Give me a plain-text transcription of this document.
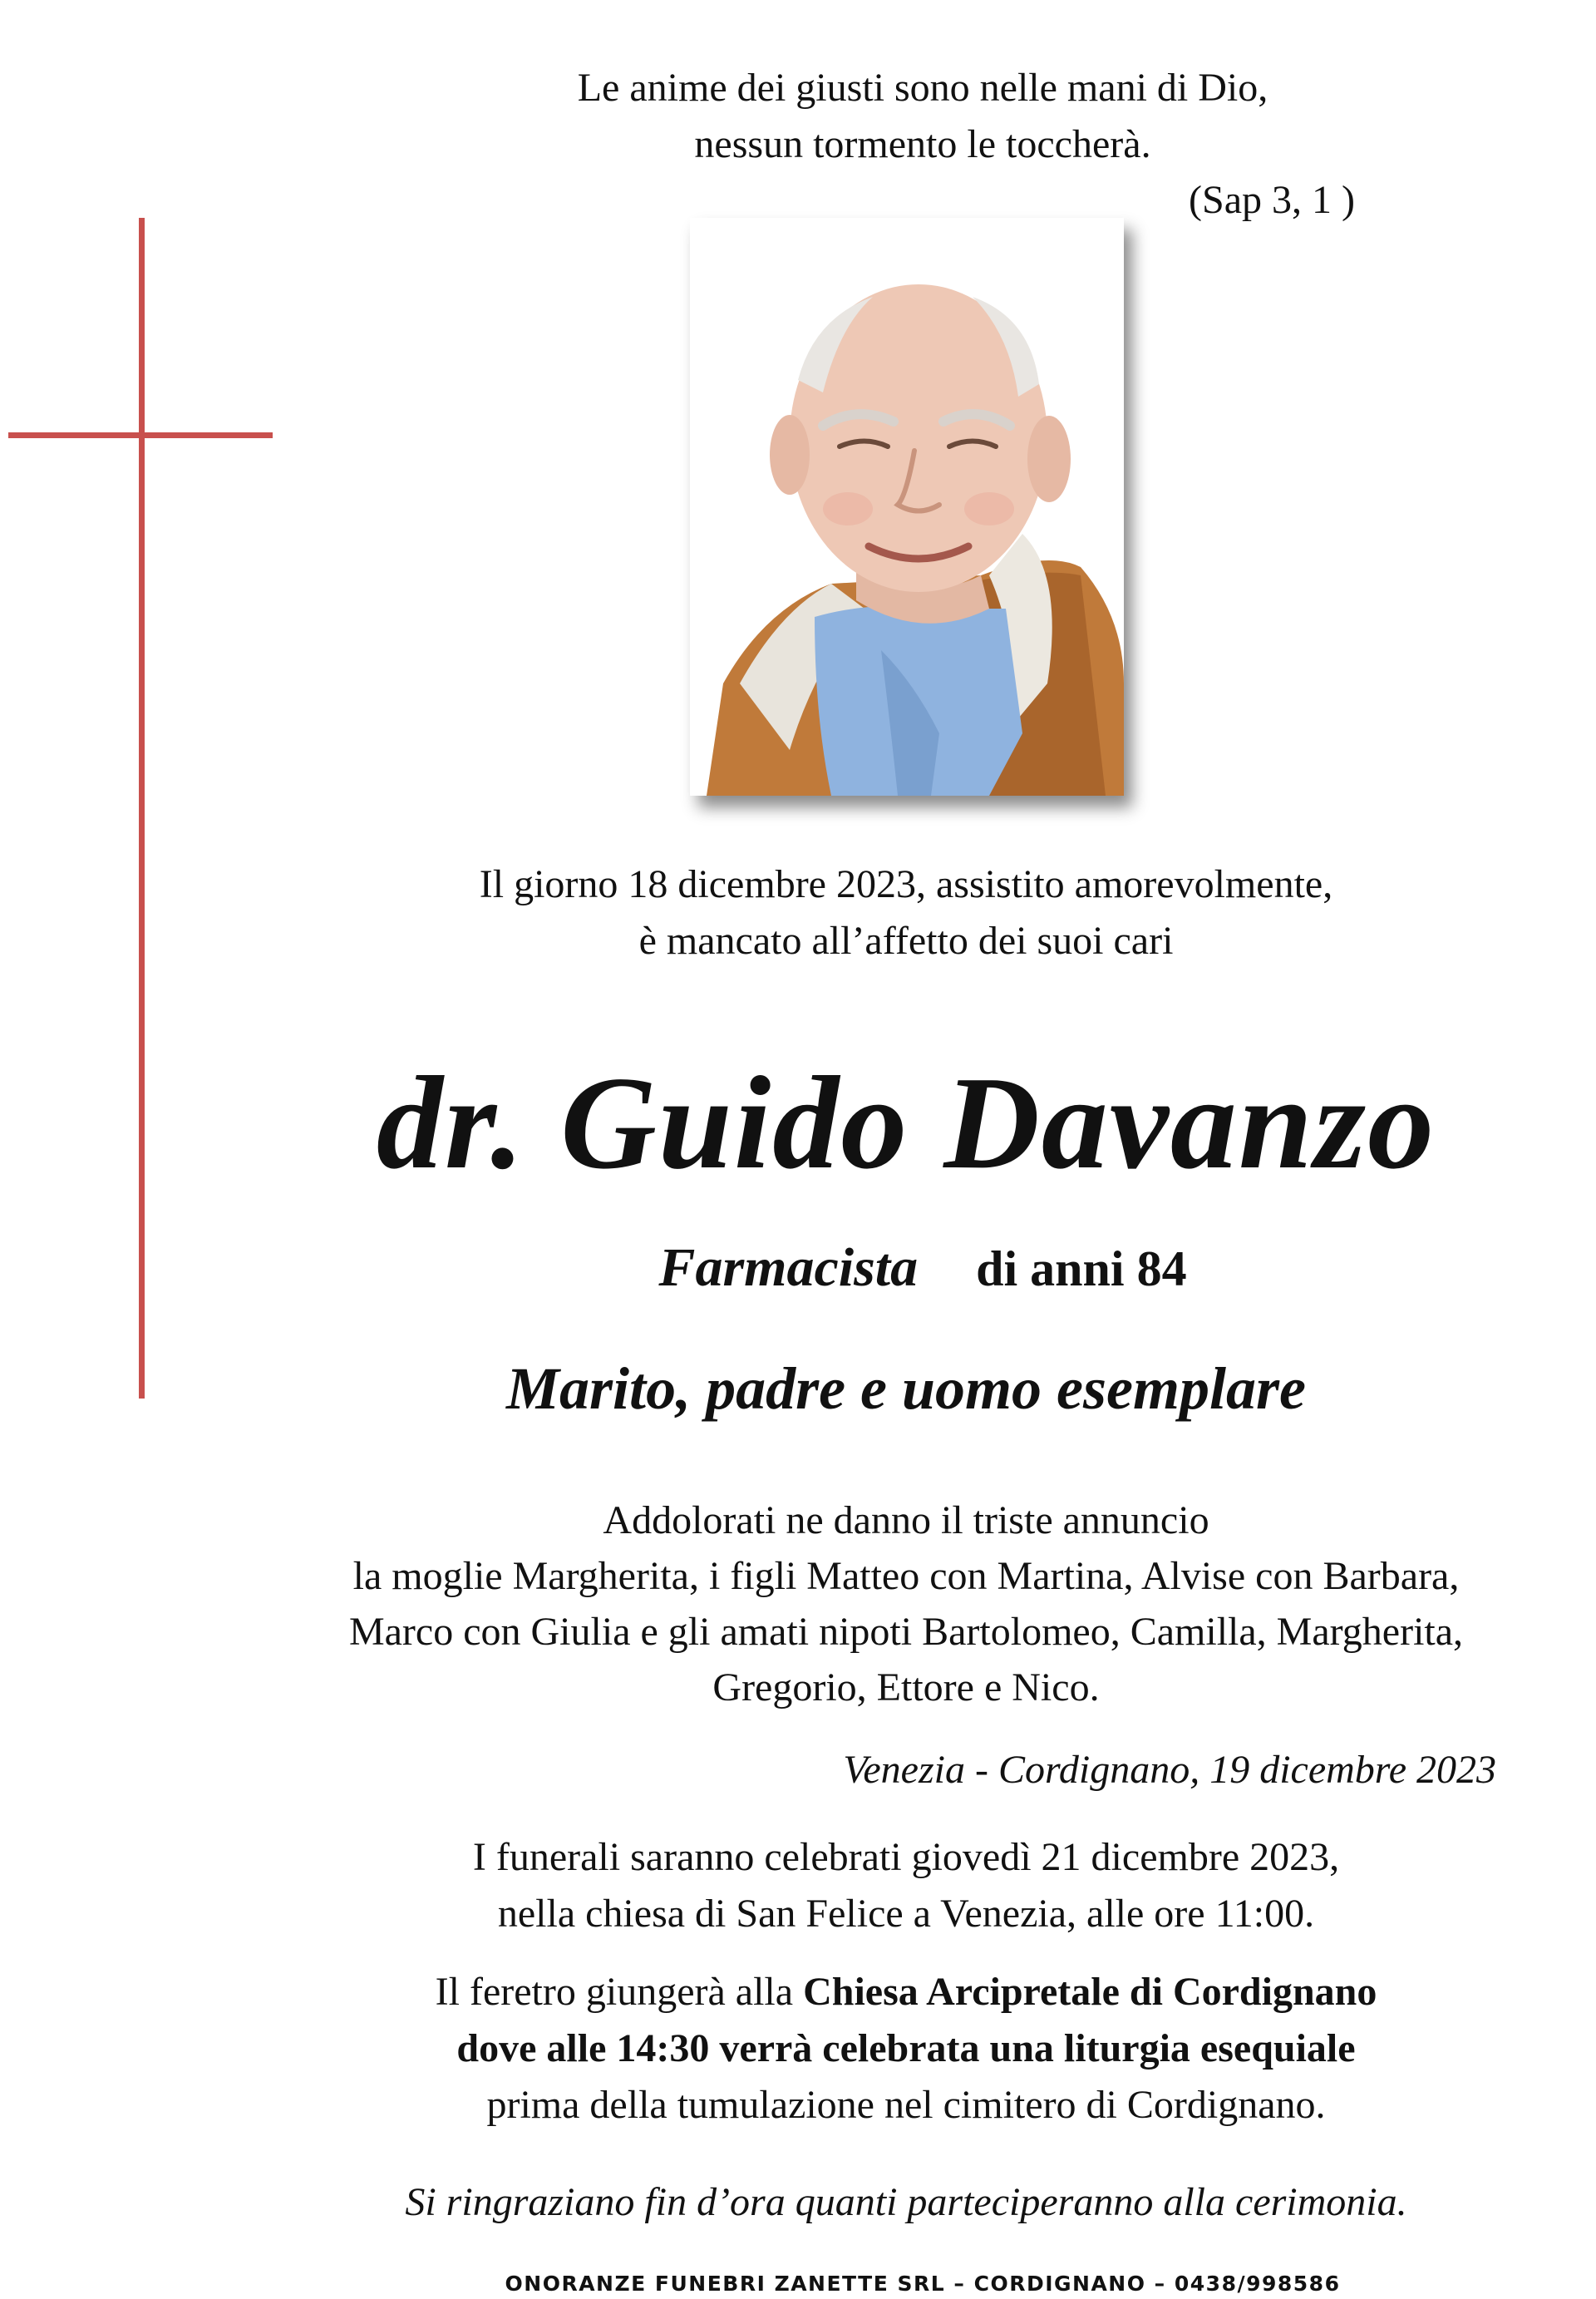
Le anime dei giusti sono nelle mani di Dio,
nessun tormento le toccherà.
(Sap 3, 1 )
Il giorno 18 dicembre 2023, assistito amorevolmente,
è mancato all’affetto dei suoi cari
dr. Guido Davanzo
Farmacista di anni 84
Marito, padre e uomo esemplare
Addolorati ne danno il triste annuncio
la moglie Margherita, i figli Matteo con Martina, Alvise con Barbara,
Marco con Giulia e gli amati nipoti Bartolomeo, Camilla, Margherita,
Gregorio, Ettore e Nico.
Venezia - Cordignano, 19 dicembre 2023
I funerali saranno celebrati giovedì 21 dicembre 2023,
nella chiesa di San Felice a Venezia, alle ore 11:00.
Il feretro giungerà alla Chiesa Arcipretale di Cordignano
dove alle 14:30 verrà celebrata una liturgia esequiale
prima della tumulazione nel cimitero di Cordignano.
Si ringraziano fin d’ora quanti parteciperanno alla cerimonia.
ONORANZE FUNEBRI ZANETTE SRL – CORDIGNANO – 0438/998586
